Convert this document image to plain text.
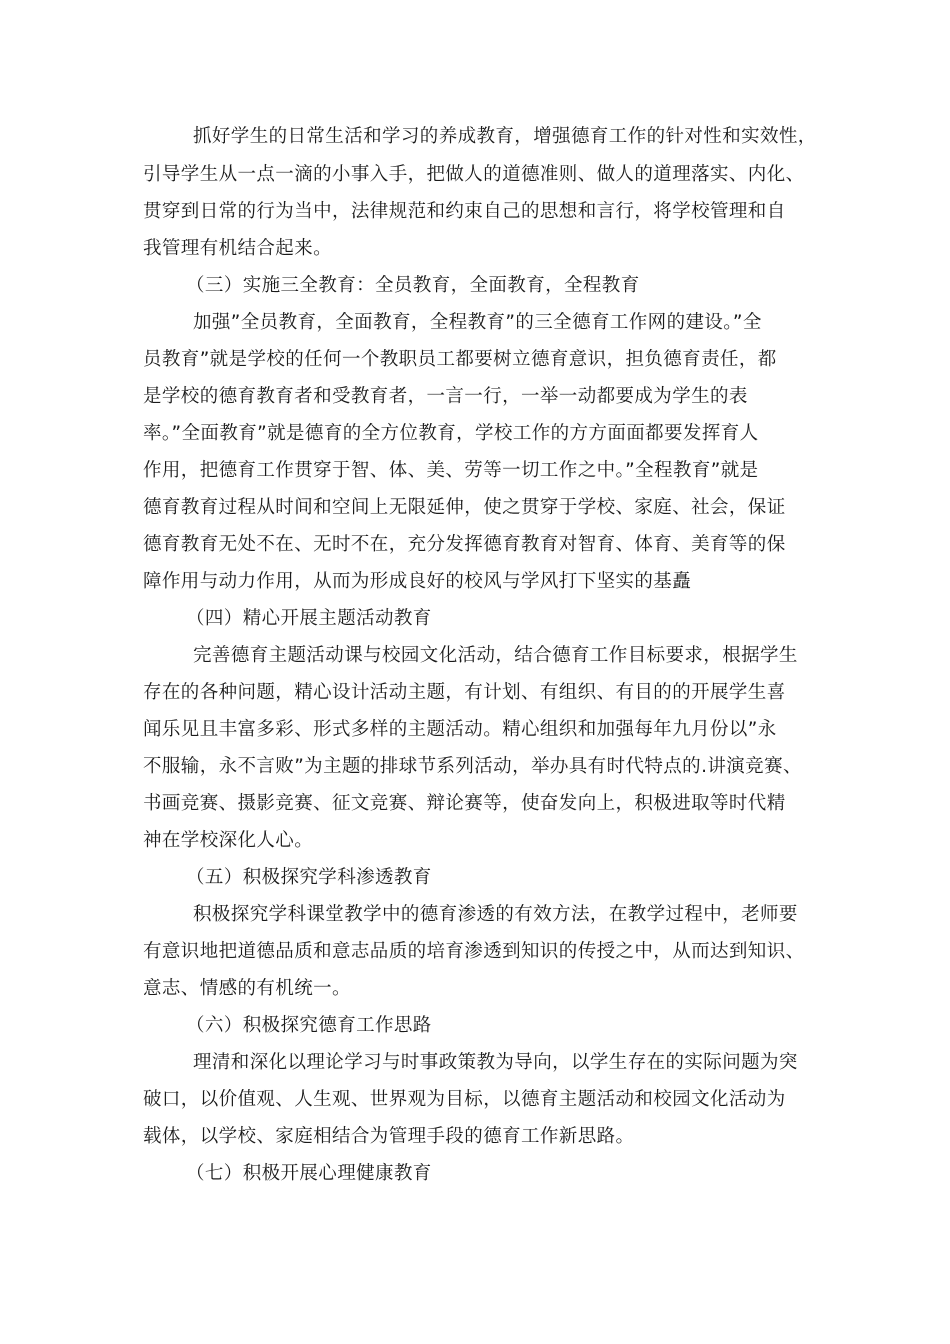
抓好学生的日常生活和学习的养成教育，增强德育工作的针对性和实效性，
引导学生从一点一滴的小事入手，把做人的道德准则、做人的道理落实、内化、
贯穿到日常的行为当中，法律规范和约束自己的思想和言行，将学校管理和自
我管理有机结合起来。
（三）实施三全教育：全员教育，全面教育，全程教育
加强”全员教育，全面教育，全程教育”的三全德育工作网的建设。”全
员教育”就是学校的任何一个教职员工都要树立德育意识，担负德育责任，都
是学校的德育教育者和受教育者，一言一行，一举一动都要成为学生的表
率。”全面教育”就是德育的全方位教育，学校工作的方方面面都要发挥育人
作用，把德育工作贯穿于智、体、美、劳等一切工作之中。”全程教育”就是
德育教育过程从时间和空间上无限延伸，使之贯穿于学校、家庭、社会，保证
德育教育无处不在、无时不在，充分发挥德育教育对智育、体育、美育等的保
障作用与动力作用，从而为形成良好的校风与学风打下坚实的基矗
（四）精心开展主题活动教育
完善德育主题活动课与校园文化活动，结合德育工作目标要求，根据学生
存在的各种问题，精心设计活动主题，有计划、有组织、有目的的开展学生喜
闻乐见且丰富多彩、形式多样的主题活动。精心组织和加强每年九月份以”永
不服输，永不言败”为主题的排球节系列活动，举办具有时代特点的.讲演竞赛、
书画竞赛、摄影竞赛、征文竞赛、辩论赛等，使奋发向上，积极进取等时代精
神在学校深化人心。
（五）积极探究学科渗透教育
积极探究学科课堂教学中的德育渗透的有效方法，在教学过程中，老师要
有意识地把道德品质和意志品质的培育渗透到知识的传授之中，从而达到知识、
意志、情感的有机统一。
（六）积极探究德育工作思路
理清和深化以理论学习与时事政策教为导向，以学生存在的实际问题为突
破口，以价值观、人生观、世界观为目标，以德育主题活动和校园文化活动为
载体，以学校、家庭相结合为管理手段的德育工作新思路。
（七）积极开展心理健康教育
